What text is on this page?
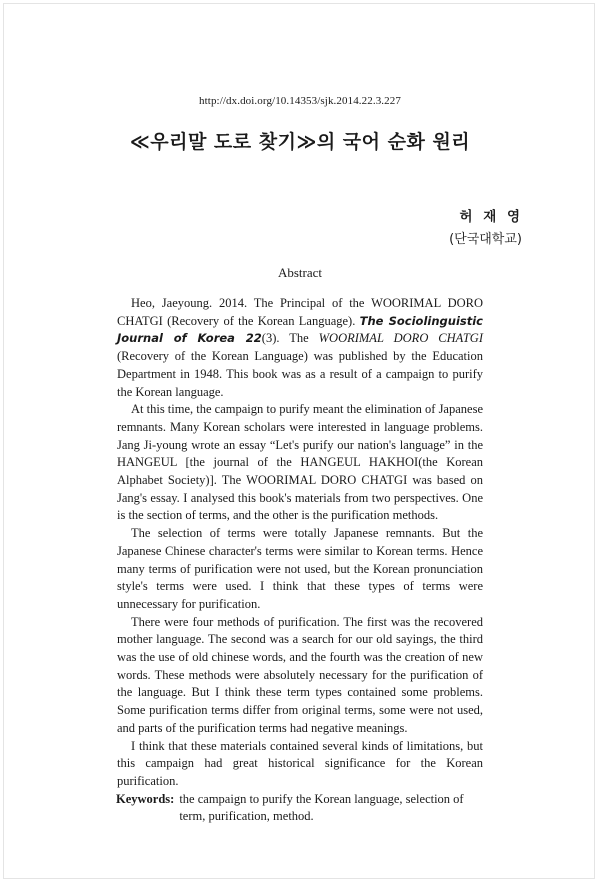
http://dx.doi.org/10.14353/sjk.2014.22.3.227
≪우리말 도로 찾기≫의 국어 순화 원리
허 재 영
(단국대학교)
Abstract

Heo, Jaeyoung. 2014. The Principal of the WOORIMAL DORO CHATGI (Recovery of the Korean Language). The Sociolinguistic Journal of Korea 22(3). The WOORIMAL DORO CHATGI (Recovery of the Korean Language) was published by the Education Department in 1948. This book was as a result of a campaign to purify the Korean language.

At this time, the campaign to purify meant the elimination of Japanese remnants. Many Korean scholars were interested in language problems. Jang Ji-young wrote an essay “Let's purify our nation's language” in the HANGEUL [the journal of the HANGEUL HAKHOI(the Korean Alphabet Society)]. The WOORIMAL DORO CHATGI was based on Jang's essay. I analysed this book's materials from two perspectives. One is the section of terms, and the other is the purification methods.

The selection of terms were totally Japanese remnants. But the Japanese Chinese character's terms were similar to Korean terms. Hence many terms of purification were not used, but the Korean pronunciation style's terms were used. I think that these types of terms were unnecessary for purification.

There were four methods of purification. The first was the recovered mother language. The second was a search for our old sayings, the third was the use of old chinese words, and the fourth was the creation of new words. These methods were absolutely necessary for the purification of the language. But I think these term types contained some problems. Some purification terms differ from original terms, some were not used, and parts of the purification terms had negative meanings.

I think that these materials contained several kinds of limitations, but this campaign had great historical significance for the Korean purification.

Keywords: the campaign to purify the Korean language, selection of term, purification, method.
